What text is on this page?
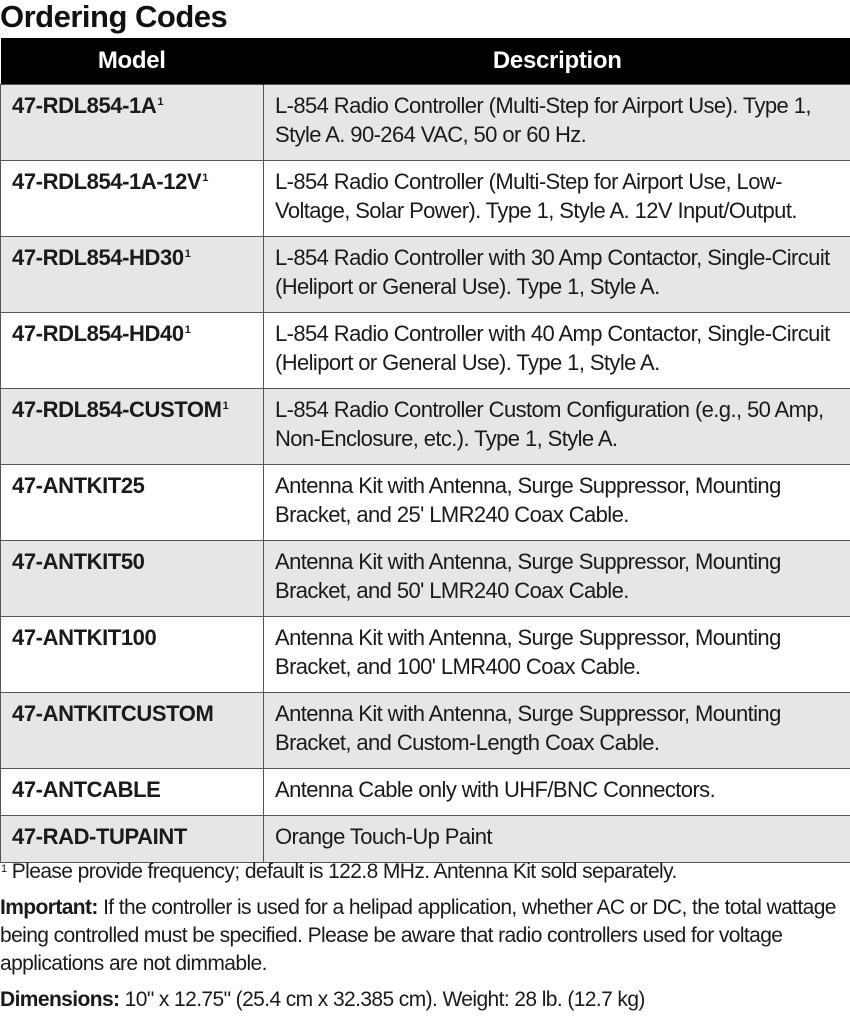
Ordering Codes
Model	Description
$47-RDL854-1A^1$	L-854 Radio Controller (Multi-Step for Airport Use). Type 1, Style A. 90-264 VAC, 50 or 60 Hz.
$47-RDL854-1A-12V^1$	L-854 Radio Controller (Multi-Step for Airport Use, Low-Voltage, Solar Power). Type 1, Style A. 12V Input/Output.
$47-RDL854-HD30^1$	L-854 Radio Controller with 30 Amp Contactor, Single-Circuit (Heliport or General Use). Type 1, Style A.
$47-RDL854-HD40^1$	L-854 Radio Controller with 40 Amp Contactor, Single-Circuit (Heliport or General Use). Type 1, Style A.
47-RDL854-CUSTOM$^1$	L-854 Radio Controller Custom Configuration (e.g., 50 Amp, Non-Enclosure, etc.). Type 1, Style A.
47-ANTKIT25	Antenna Kit with Antenna, Surge Suppressor, Mounting Bracket, and 25' LMR240 Coax Cable.
47-ANTKIT50	Antenna Kit with Antenna, Surge Suppressor, Mounting Bracket, and 50' LMR240 Coax Cable.
47-ANTKIT100	Antenna Kit with Antenna, Surge Suppressor, Mounting Bracket, and 100' LMR400 Coax Cable.
47-ANTKITCUSTOM	Antenna Kit with Antenna, Surge Suppressor, Mounting Bracket, and Custom-Length Coax Cable.
47-ANTCABLE	Antenna Cable only with UHF/BNC Connectors.
47-RAD-TUPAINT	Orange Touch-Up Paint

$^1$ Please provide frequency; default is 122.8 MHz. Antenna Kit sold separately.

Important: If the controller is used for a helipad application, whether AC or DC, the total wattage being controlled must be specified. Please be aware that radio controllers used for voltage applications are not dimmable.

Dimensions: 10" x 12.75" (25.4 cm x 32.385 cm). Weight: 28 lb. (12.7 kg)
